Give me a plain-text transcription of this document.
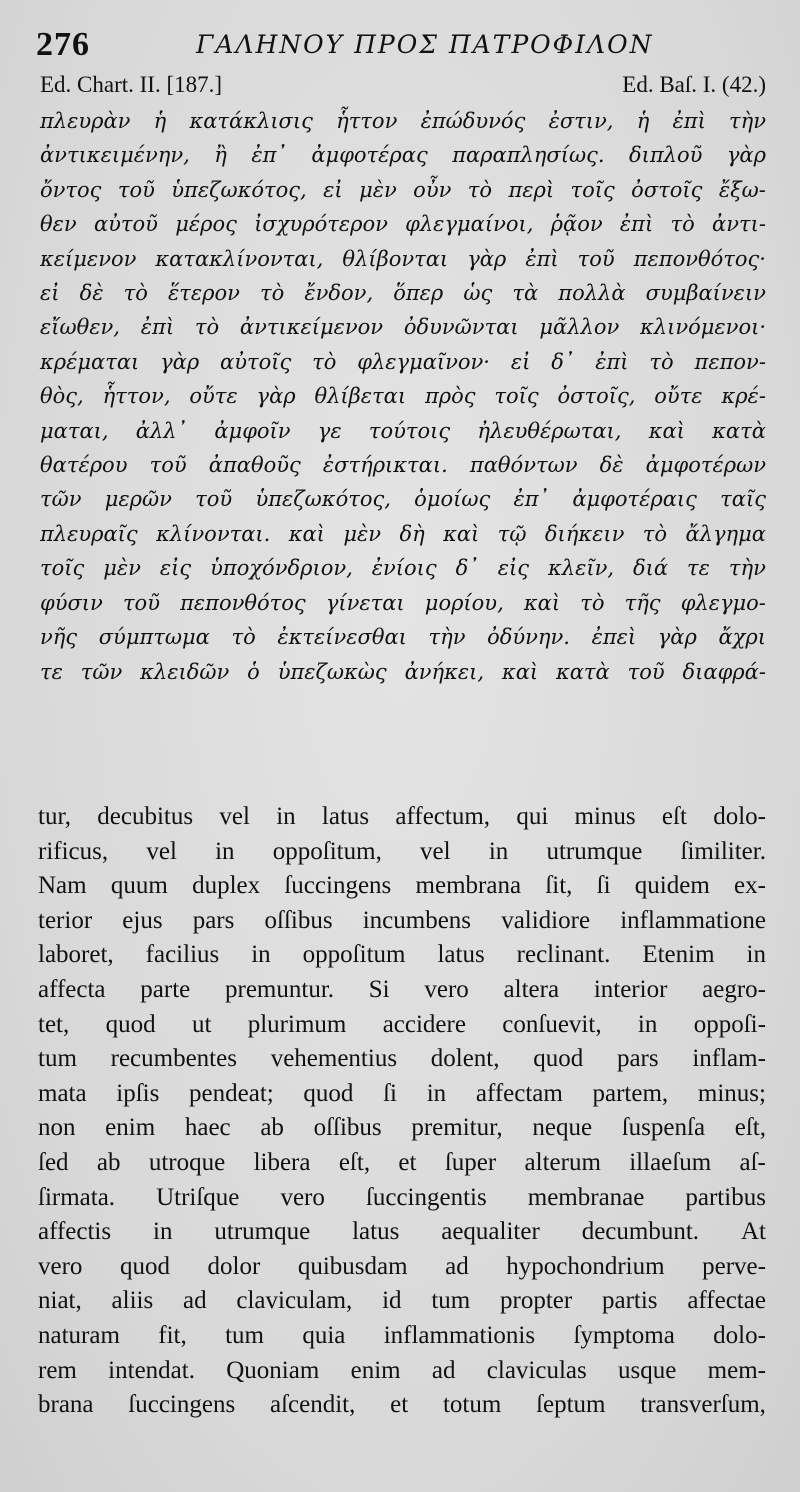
276	ΓΑΛΗΝΟΥ ΠΡΟΣ ΠΑΤΡΟΦΙΛΟΝ
Ed. Chart. II. [187.]	Ed. Baſ. I. (42.)
πλευρὰν ἡ κατάκλισις ἧττον ἐπώδυνός ἐστιν, ἡ ἐπὶ τὴν
ἀντικειμένην, ἢ ἐπ᾽ ἀμφοτέρας παραπλησίως. διπλοῦ γὰρ
ὄντος τοῦ ὑπεζωκότος, εἰ μὲν οὖν τὸ περὶ τοῖς ὀστοῖς ἔξω-
θεν αὐτοῦ μέρος ἰσχυρότερον φλεγμαίνοι, ῥᾷον ἐπὶ τὸ ἀντι-
κείμενον κατακλίνονται, θλίβονται γὰρ ἐπὶ τοῦ πεπονθότος·
εἰ δὲ τὸ ἕτερον τὸ ἔνδον, ὅπερ ὡς τὰ πολλὰ συμβαίνειν
εἴωθεν, ἐπὶ τὸ ἀντικείμενον ὀδυνῶνται μᾶλλον κλινόμενοι·
κρέμαται γὰρ αὐτοῖς τὸ φλεγμαῖνον· εἰ δ᾽ ἐπὶ τὸ πεπον-
θὸς, ἧττον, οὔτε γὰρ θλίβεται πρὸς τοῖς ὀστοῖς, οὔτε κρέ-
μαται, ἀλλ᾽ ἀμφοῖν γε τούτοις ἠλευθέρωται, καὶ κατὰ
θατέρου τοῦ ἀπαθοῦς ἐστήρικται. παθόντων δὲ ἀμφοτέρων
τῶν μερῶν τοῦ ὑπεζωκότος, ὁμοίως ἐπ᾽ ἀμφοτέραις ταῖς
πλευραῖς κλίνονται. καὶ μὲν δὴ καὶ τῷ διήκειν τὸ ἄλγημα
τοῖς μὲν εἰς ὑποχόνδριον, ἐνίοις δ᾽ εἰς κλεῖν, διά τε τὴν
φύσιν τοῦ πεπονθότος γίνεται μορίου, καὶ τὸ τῆς φλεγμο-
νῆς σύμπτωμα τὸ ἐκτείνεσθαι τὴν ὀδύνην. ἐπεὶ γὰρ ἄχρι
τε τῶν κλειδῶν ὁ ὑπεζωκὼς ἀνήκει, καὶ κατὰ τοῦ διαφρά-
tur, decubitus vel in latus affectum, qui minus eſt dolo-
rificus, vel in oppoſitum, vel in utrumque ſimiliter.
Nam quum duplex ſuccingens membrana ſit, ſi quidem ex-
terior ejus pars oſſibus incumbens validiore inflammatione
laboret, facilius in oppoſitum latus reclinant. Etenim in
affecta parte premuntur. Si vero altera interior aegro-
tet, quod ut plurimum accidere conſuevit, in oppoſi-
tum recumbentes vehementius dolent, quod pars inflam-
mata ipſis pendeat; quod ſi in affectam partem, minus;
non enim haec ab oſſibus premitur, neque ſuspenſa eſt,
ſed ab utroque libera eſt, et ſuper alterum illaeſum aſ-
ſirmata. Utriſque vero ſuccingentis membranae partibus
affectis in utrumque latus aequaliter decumbunt. At
vero quod dolor quibusdam ad hypochondrium perve-
niat, aliis ad claviculam, id tum propter partis affectae
naturam fit, tum quia inflammationis ſymptoma dolo-
rem intendat. Quoniam enim ad claviculas usque mem-
brana ſuccingens aſcendit, et totum ſeptum transverſum,
